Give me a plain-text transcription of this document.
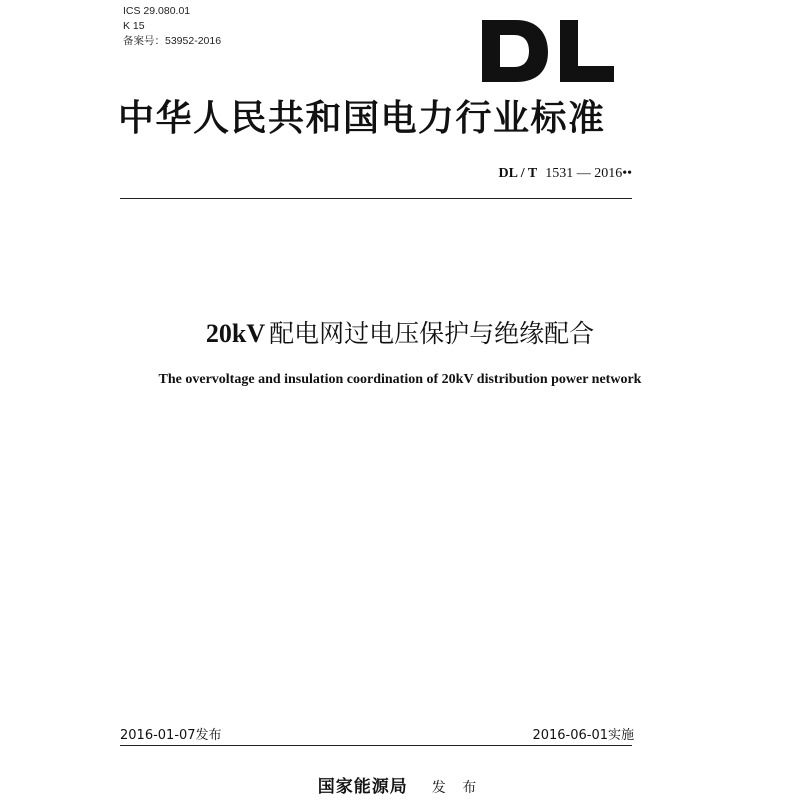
ICS 29.080.01
K 15
备案号：53952-2016
中华人民共和国电力行业标准
DL / T 1531 — 2016••
20kV 配电网过电压保护与绝缘配合
The overvoltage and insulation coordination of 20kV distribution power network
2016-01-07发布	2016-06-01实施
国家能源局 发 布
